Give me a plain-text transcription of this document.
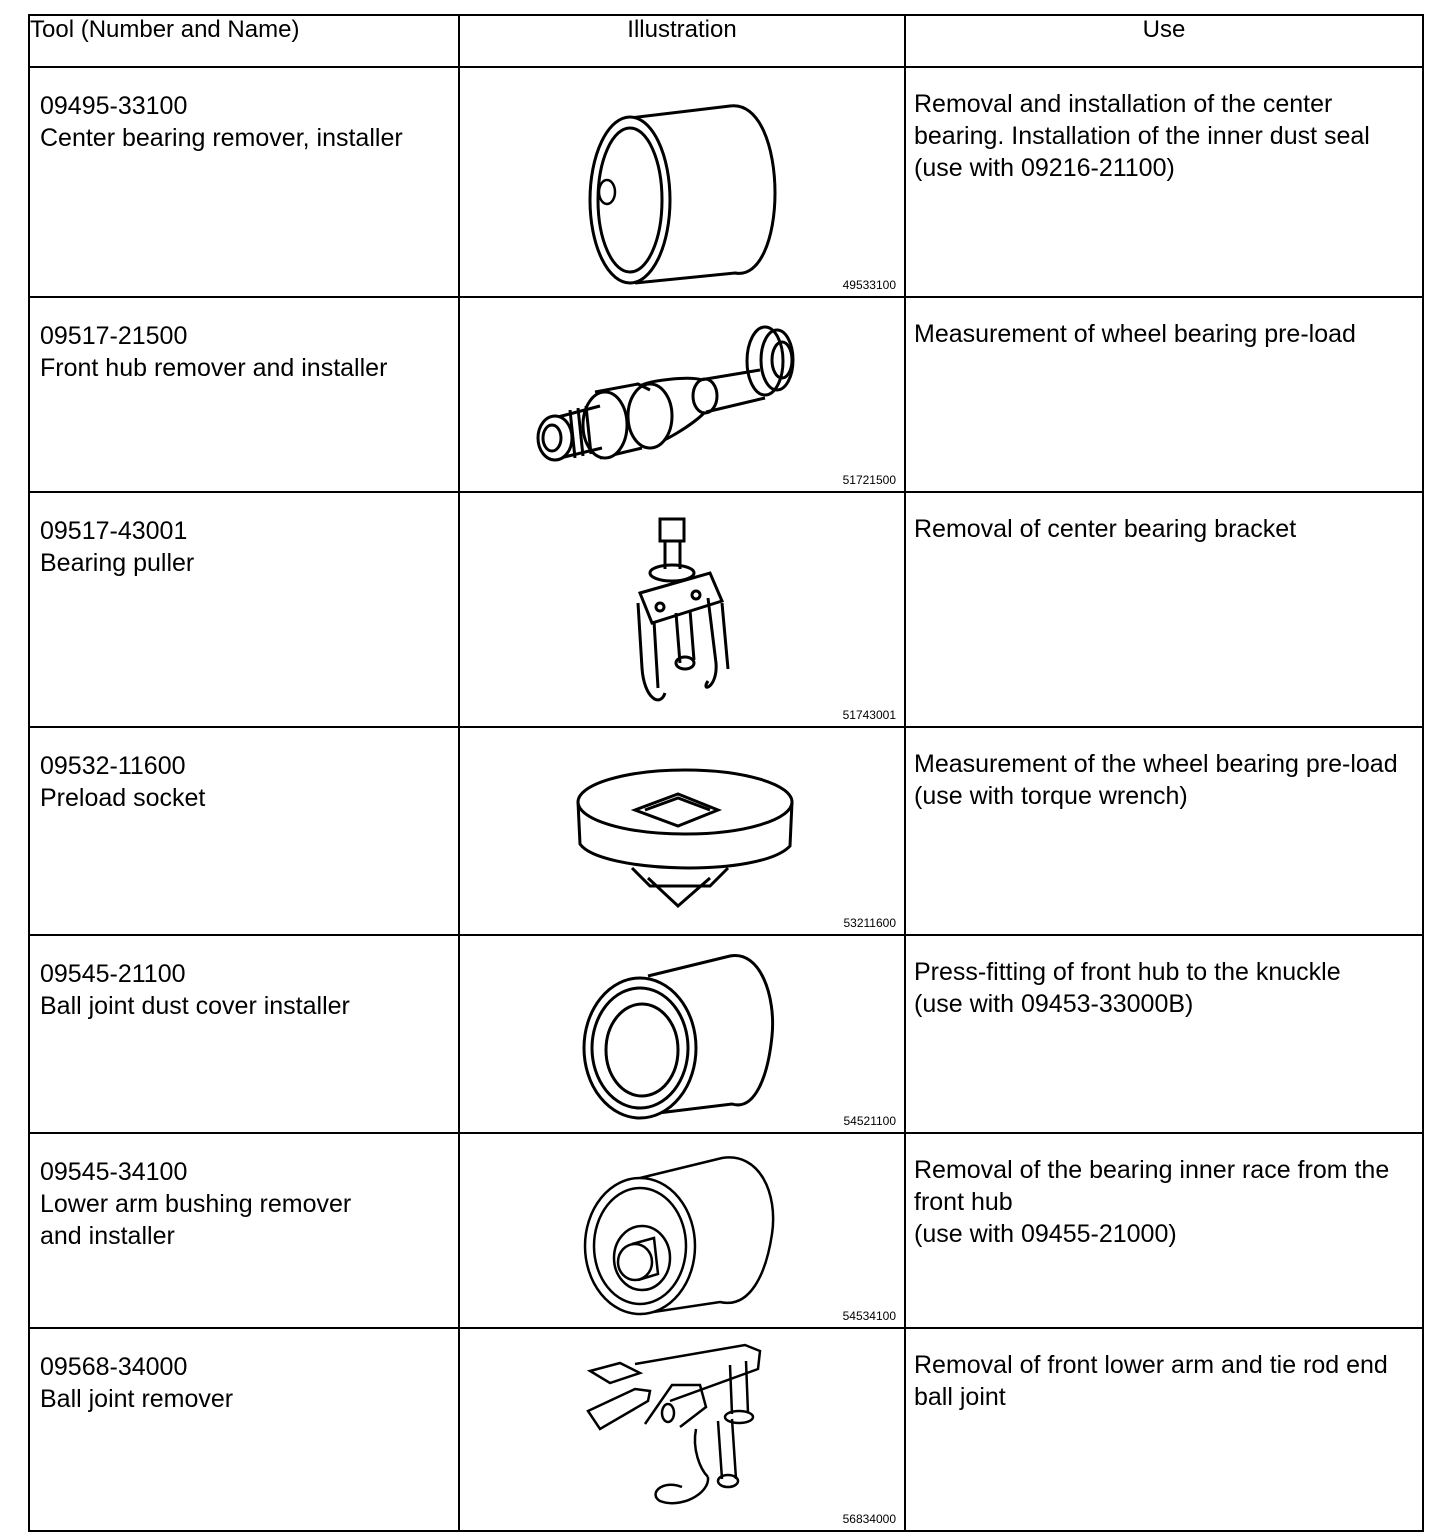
Tool (Number and Name)	Illustration	Use

09495-33100
Center bearing remover, installer	49533100	Removal and installation of the center
bearing. Installation of the inner dust seal
(use with 09216-21100)

09517-21500
Front hub remover and installer	51721500	Measurement of wheel bearing pre-load

09517-43001
Bearing puller	51743001	Removal of center bearing bracket

09532-11600
Preload socket	53211600	Measurement of the wheel bearing pre-load
(use with torque wrench)

09545-21100
Ball joint dust cover installer	54521100	Press-fitting of front hub to the knuckle
(use with 09453-33000B)

09545-34100
Lower arm bushing remover
and installer	54534100	Removal of the bearing inner race from the
front hub
(use with 09455-21000)

09568-34000
Ball joint remover	56834000	Removal of front lower arm and tie rod end
ball joint
